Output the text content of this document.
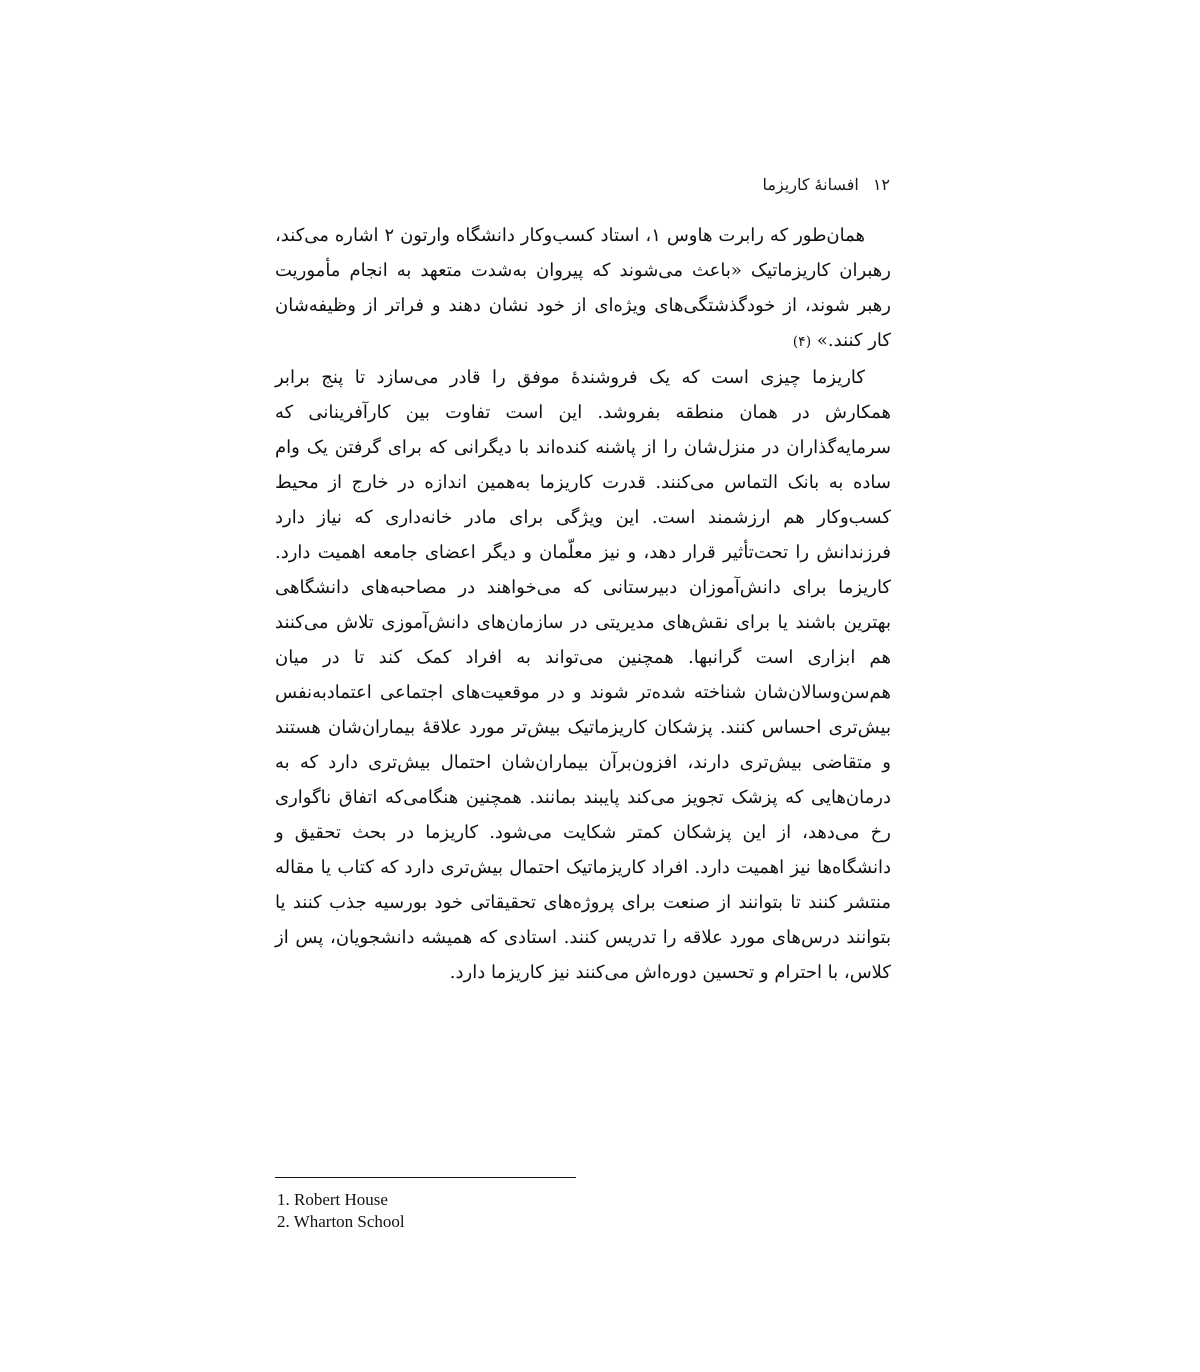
۱۲افسانهٔ کاریزما

همان‌طور که رابرت هاوس ۱، استاد کسب‌وکار دانشگاه وارتون ۲ اشاره می‌کند، رهبران کاریزماتیک «باعث می‌شوند که پیروان به‌شدت متعهد به انجام مأموریت رهبر شوند، از خودگذشتگی‌های ویژه‌ای از خود نشان دهند و فراتر از وظیفه‌شان کار کنند.» (۴)

کاریزما چیزی است که یک فروشندهٔ موفق را قادر می‌سازد تا پنج برابر همکارش در همان منطقه بفروشد. این است تفاوت بین کارآفرینانی که سرمایه‌گذاران در منزل‌شان را از پاشنه کنده‌اند با دیگرانی که برای گرفتن یک وام ساده به بانک التماس می‌کنند. قدرت کاریزما به‌همین اندازه در خارج از محیط کسب‌وکار هم ارزشمند است. این ویژگی برای مادر خانه‌داری که نیاز دارد فرزندانش را تحت‌تأثیر قرار دهد، و نیز معلّمان و دیگر اعضای جامعه اهمیت دارد. کاریزما برای دانش‌آموزان دبیرستانی که می‌خواهند در مصاحبه‌های دانشگاهی بهترین باشند یا برای نقش‌های مدیریتی در سازمان‌های دانش‌آموزی تلاش می‌کنند هم ابزاری است گرانبها. همچنین می‌تواند به افراد کمک کند تا در میان هم‌سن‌وسالان‌شان شناخته شده‌تر شوند و در موقعیت‌های اجتماعی اعتمادبه‌نفس بیش‌تری احساس کنند. پزشکان کاریزماتیک بیش‌تر مورد علاقهٔ بیماران‌شان هستند و متقاضی بیش‌تری دارند، افزون‌برآن بیماران‌شان احتمال بیش‌تری دارد که به درمان‌هایی که پزشک تجویز می‌کند پایبند بمانند. همچنین هنگامی‌که اتفاق ناگواری رخ می‌دهد، از این پزشکان کمتر شکایت می‌شود. کاریزما در بحث تحقیق و دانشگاه‌ها نیز اهمیت دارد. افراد کاریزماتیک احتمال بیش‌تری دارد که کتاب یا مقاله منتشر کنند تا بتوانند از صنعت برای پروژه‌های تحقیقاتی خود بورسیه جذب کنند یا بتوانند درس‌های مورد علاقه را تدریس کنند. استادی که همیشه دانشجویان، پس از کلاس، با احترام و تحسین دوره‌اش می‌کنند نیز کاریزما دارد.

1. Robert House
2. Wharton School
